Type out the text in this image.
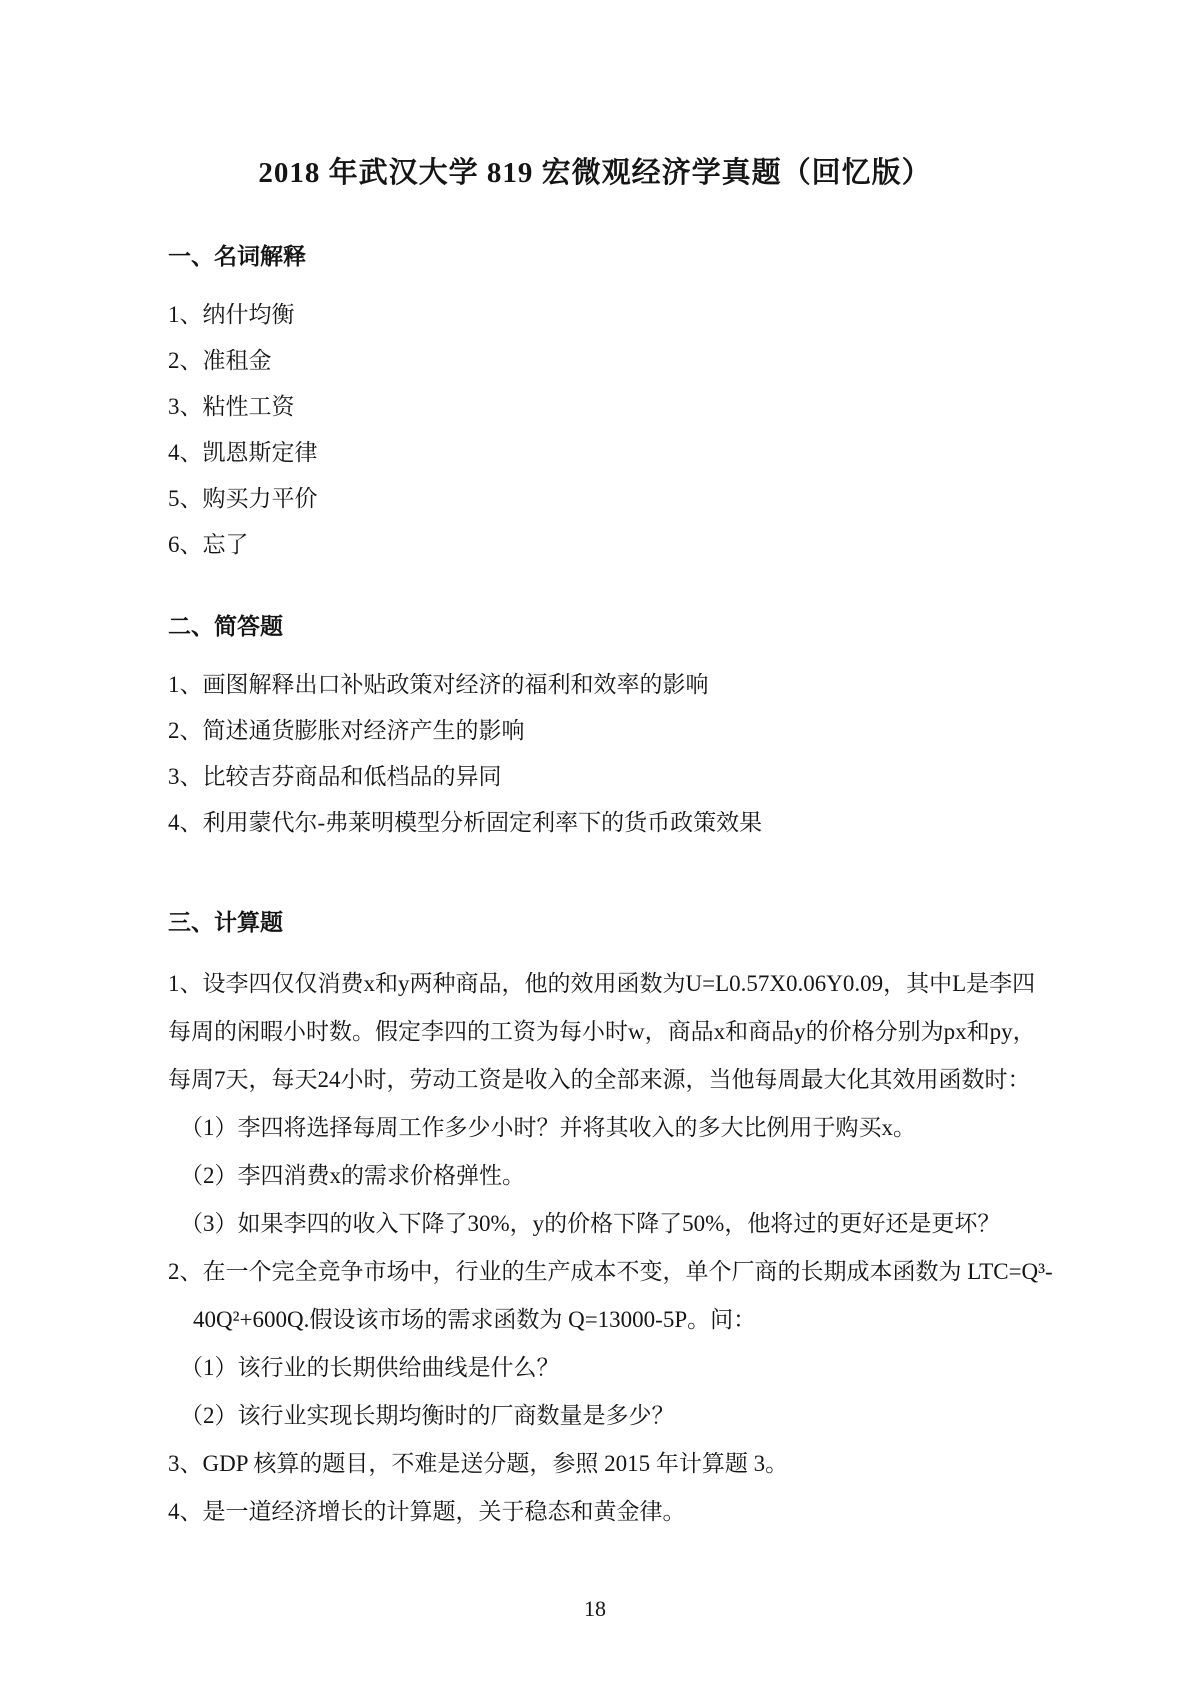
2018 年武汉大学 819 宏微观经济学真题（回忆版）
一、名词解释
1、纳什均衡
2、准租金
3、粘性工资
4、凯恩斯定律
5、购买力平价
6、忘了
二、简答题
1、画图解释出口补贴政策对经济的福利和效率的影响
2、简述通货膨胀对经济产生的影响
3、比较吉芬商品和低档品的异同
4、利用蒙代尔-弗莱明模型分析固定利率下的货币政策效果
三、计算题
1、设李四仅仅消费x和y两种商品，他的效用函数为U=L0.57X0.06Y0.09，其中L是李四
每周的闲暇小时数。假定李四的工资为每小时w，商品x和商品y的价格分别为px和py，
每周7天，每天24小时，劳动工资是收入的全部来源，当他每周最大化其效用函数时：
（1）李四将选择每周工作多少小时？并将其收入的多大比例用于购买x。
（2）李四消费x的需求价格弹性。
（3）如果李四的收入下降了30%，y的价格下降了50%，他将过的更好还是更坏？
2、在一个完全竞争市场中，行业的生产成本不变，单个厂商的长期成本函数为 LTC=Q³-
40Q²+600Q.假设该市场的需求函数为 Q=13000-5P。问：
（1）该行业的长期供给曲线是什么？
（2）该行业实现长期均衡时的厂商数量是多少？
3、GDP 核算的题目，不难是送分题，参照 2015 年计算题 3。
4、是一道经济增长的计算题，关于稳态和黄金律。
18
